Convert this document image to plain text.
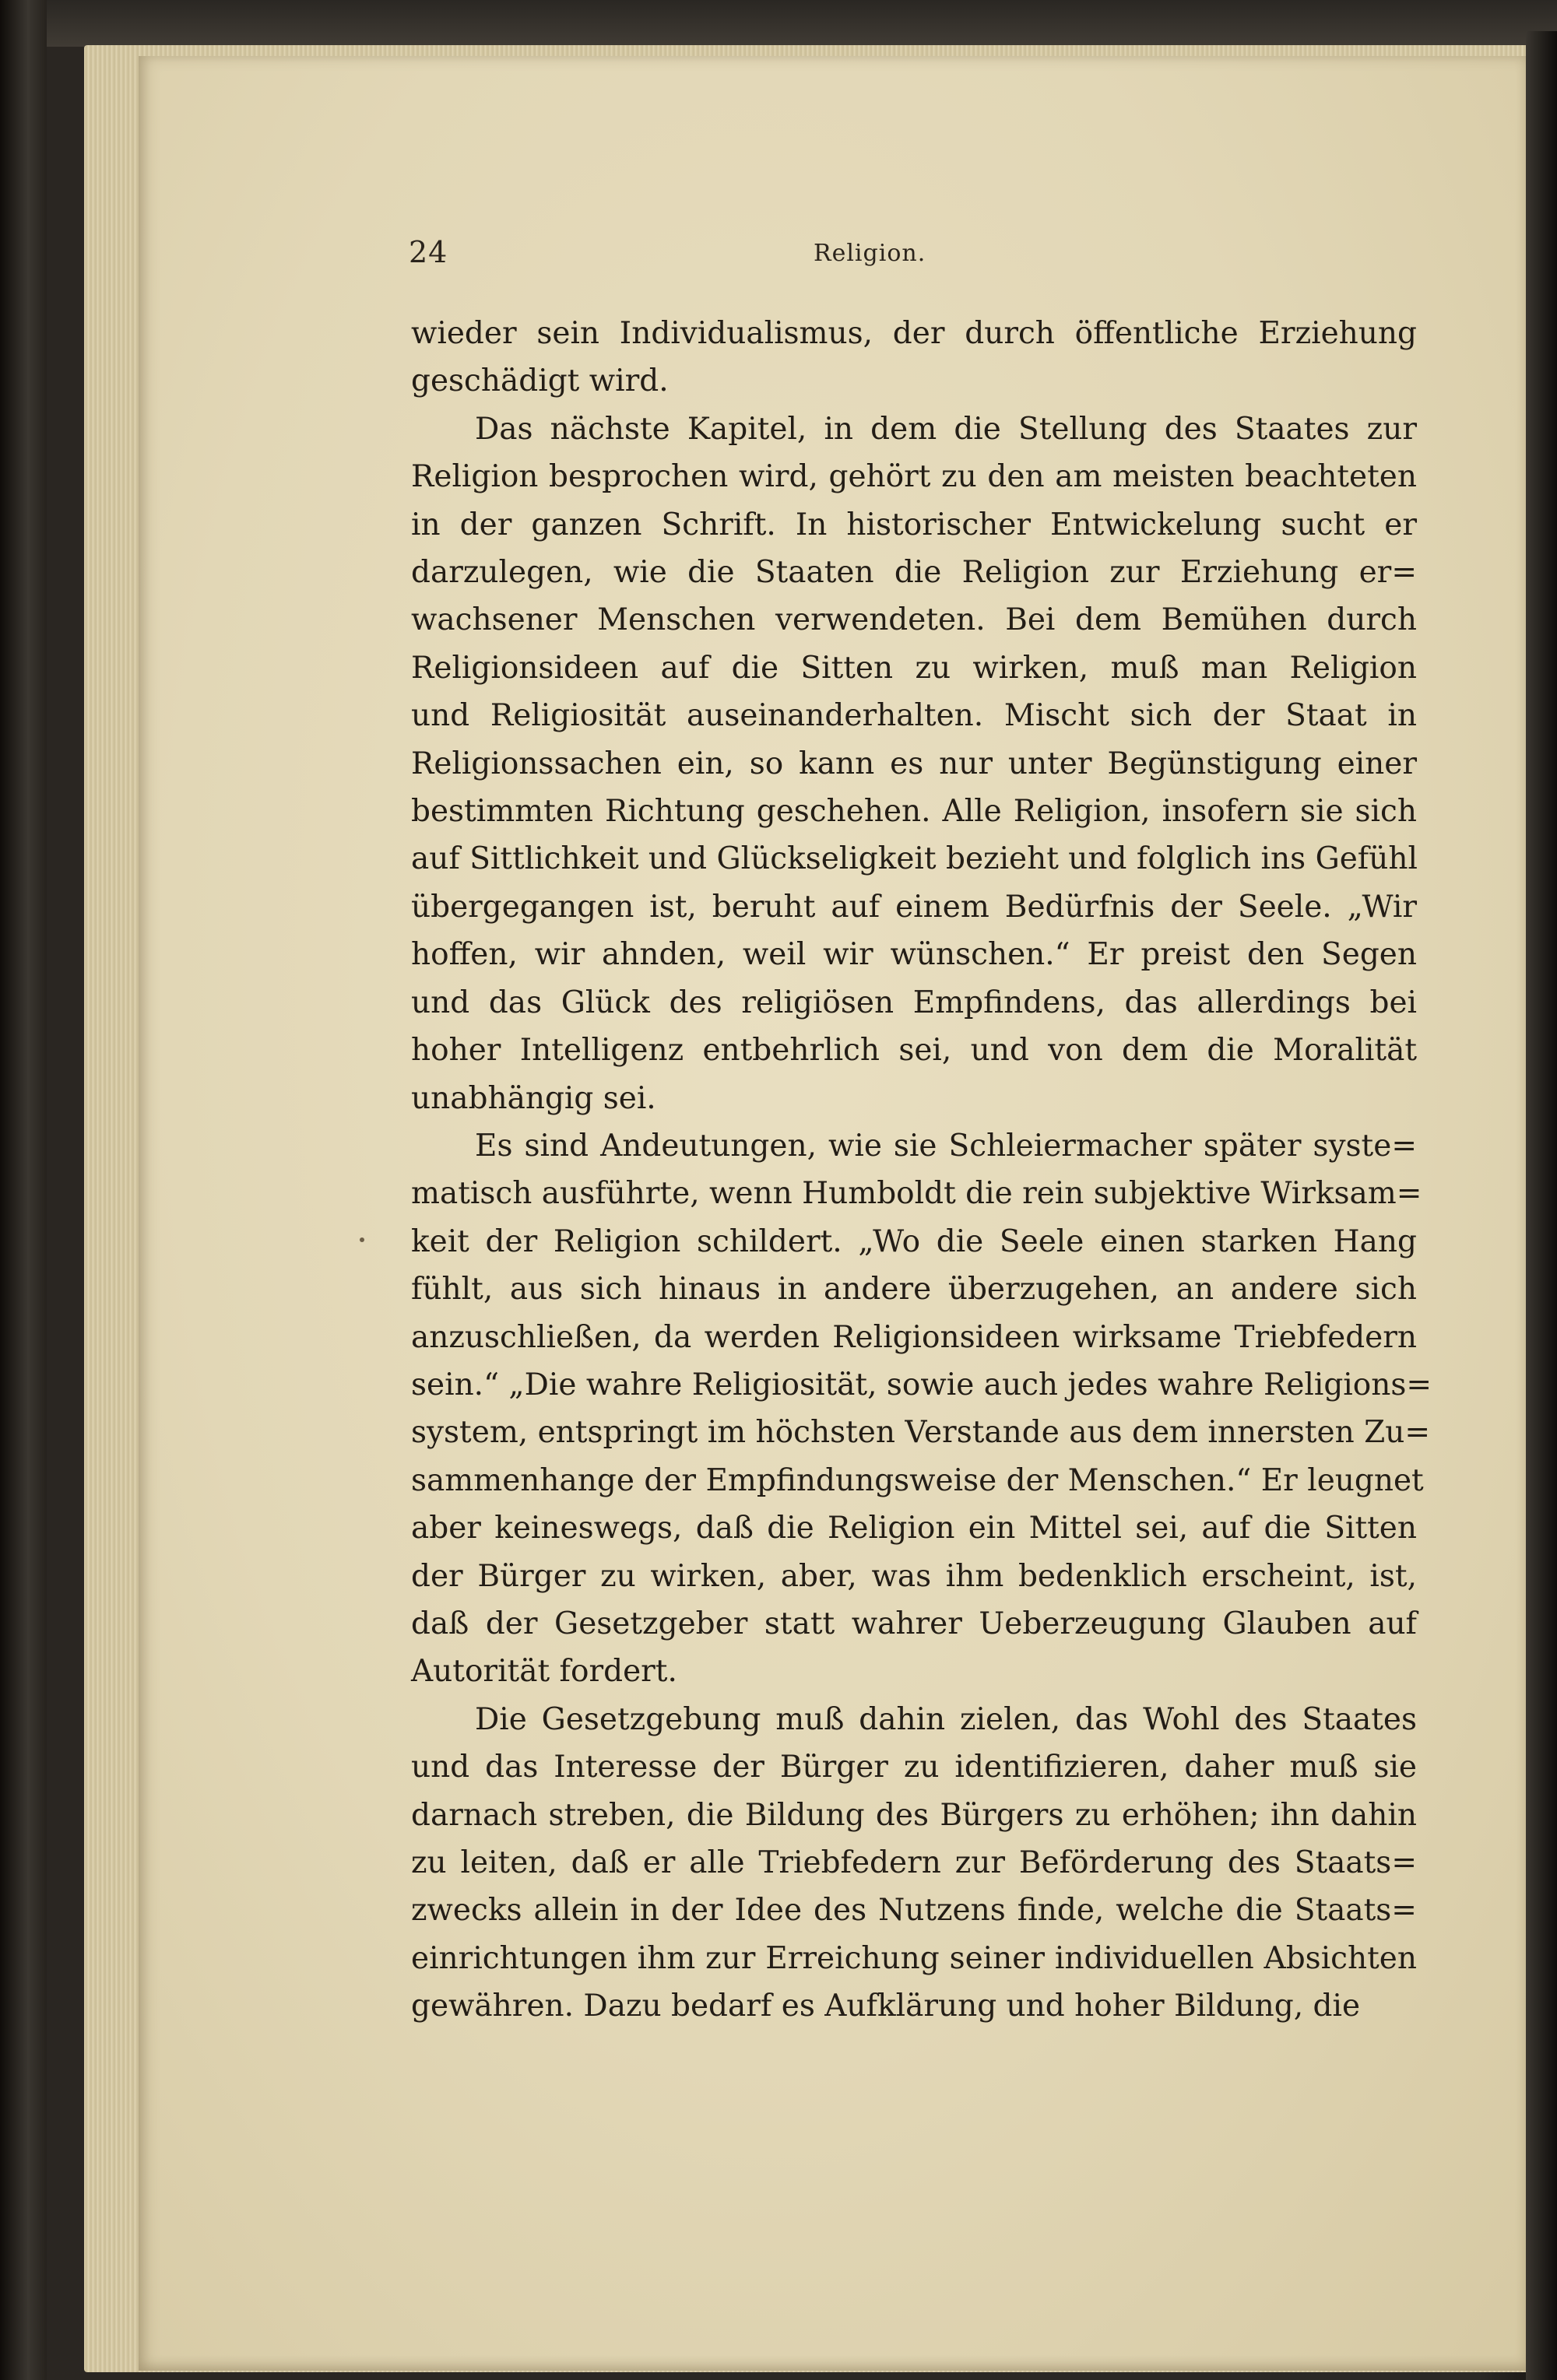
24	Religion.

wieder sein Individualismus, der durch öffentliche Erziehung
geschädigt wird.

Das nächste Kapitel, in dem die Stellung des Staates zur
Religion besprochen wird, gehört zu den am meisten beachteten
in der ganzen Schrift. In historischer Entwickelung sucht er
darzulegen, wie die Staaten die Religion zur Erziehung er=
wachsener Menschen verwendeten. Bei dem Bemühen durch
Religionsideen auf die Sitten zu wirken, muß man Religion
und Religiosität auseinanderhalten. Mischt sich der Staat in
Religionssachen ein, so kann es nur unter Begünstigung einer
bestimmten Richtung geschehen. Alle Religion, insofern sie sich
auf Sittlichkeit und Glückseligkeit bezieht und folglich ins Gefühl
übergegangen ist, beruht auf einem Bedürfnis der Seele. „Wir
hoffen, wir ahnden, weil wir wünschen.“ Er preist den Segen
und das Glück des religiösen Empfindens, das allerdings bei
hoher Intelligenz entbehrlich sei, und von dem die Moralität
unabhängig sei.

Es sind Andeutungen, wie sie Schleiermacher später syste=
matisch ausführte, wenn Humboldt die rein subjektive Wirksam=
keit der Religion schildert. „Wo die Seele einen starken Hang
fühlt, aus sich hinaus in andere überzugehen, an andere sich
anzuschließen, da werden Religionsideen wirksame Triebfedern
sein.“ „Die wahre Religiosität, sowie auch jedes wahre Religions=
system, entspringt im höchsten Verstande aus dem innersten Zu=
sammenhange der Empfindungsweise der Menschen.“ Er leugnet
aber keineswegs, daß die Religion ein Mittel sei, auf die Sitten
der Bürger zu wirken, aber, was ihm bedenklich erscheint, ist,
daß der Gesetzgeber statt wahrer Ueberzeugung Glauben auf
Autorität fordert.

Die Gesetzgebung muß dahin zielen, das Wohl des Staates
und das Interesse der Bürger zu identifizieren, daher muß sie
darnach streben, die Bildung des Bürgers zu erhöhen; ihn dahin
zu leiten, daß er alle Triebfedern zur Beförderung des Staats=
zwecks allein in der Idee des Nutzens finde, welche die Staats=
einrichtungen ihm zur Erreichung seiner individuellen Absichten
gewähren. Dazu bedarf es Aufklärung und hoher Bildung, die
